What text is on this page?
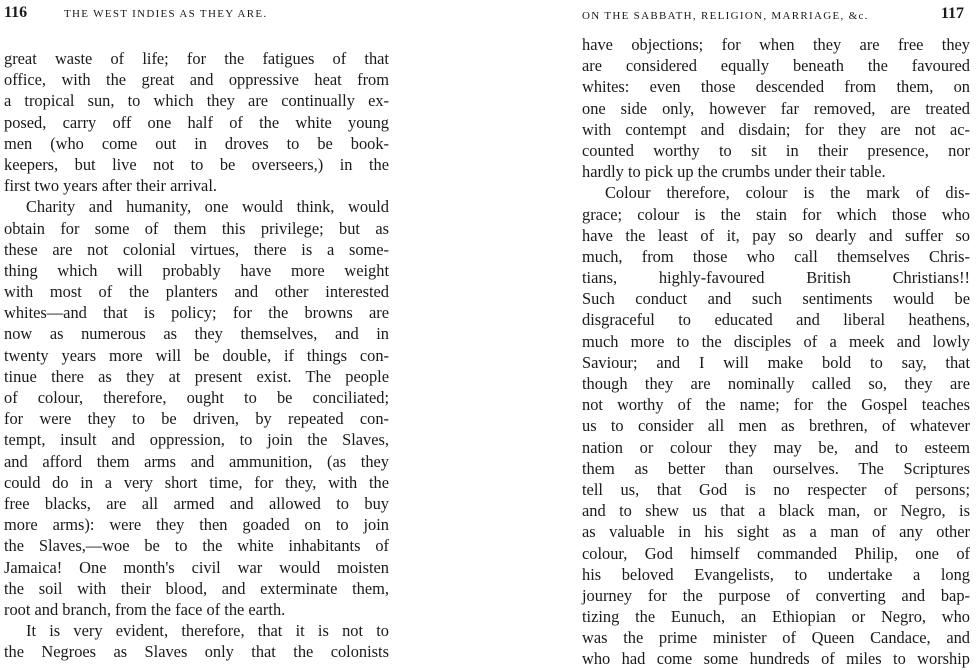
116	THE WEST INDIES AS THEY ARE.
great waste of life; for the fatigues of that
office, with the great and oppressive heat from
a tropical sun, to which they are continually ex-
posed, carry off one half of the white young
men (who come out in droves to be book-
keepers, but live not to be overseers,) in the
first two years after their arrival.
Charity and humanity, one would think, would
obtain for some of them this privilege; but as
these are not colonial virtues, there is a some-
thing which will probably have more weight
with most of the planters and other interested
whites—and that is policy; for the browns are
now as numerous as they themselves, and in
twenty years more will be double, if things con-
tinue there as they at present exist. The people
of colour, therefore, ought to be conciliated;
for were they to be driven, by repeated con-
tempt, insult and oppression, to join the Slaves,
and afford them arms and ammunition, (as they
could do in a very short time, for they, with the
free blacks, are all armed and allowed to buy
more arms): were they then goaded on to join
the Slaves,—woe be to the white inhabitants of
Jamaica! One month's civil war would moisten
the soil with their blood, and exterminate them,
root and branch, from the face of the earth.
It is very evident, therefore, that it is not to
the Negroes as Slaves only that the colonists
ON THE SABBATH, RELIGION, MARRIAGE, &c.	117
have objections; for when they are free they
are considered equally beneath the favoured
whites: even those descended from them, on
one side only, however far removed, are treated
with contempt and disdain; for they are not ac-
counted worthy to sit in their presence, nor
hardly to pick up the crumbs under their table.
Colour therefore, colour is the mark of dis-
grace; colour is the stain for which those who
have the least of it, pay so dearly and suffer so
much, from those who call themselves Chris-
tians, highly-favoured British Christians!!
Such conduct and such sentiments would be
disgraceful to educated and liberal heathens,
much more to the disciples of a meek and lowly
Saviour; and I will make bold to say, that
though they are nominally called so, they are
not worthy of the name; for the Gospel teaches
us to consider all men as brethren, of whatever
nation or colour they may be, and to esteem
them as better than ourselves. The Scriptures
tell us, that God is no respecter of persons;
and to shew us that a black man, or Negro, is
as valuable in his sight as a man of any other
colour, God himself commanded Philip, one of
his beloved Evangelists, to undertake a long
journey for the purpose of converting and bap-
tizing the Eunuch, an Ethiopian or Negro, who
was the prime minister of Queen Candace, and
who had come some hundreds of miles to worship
